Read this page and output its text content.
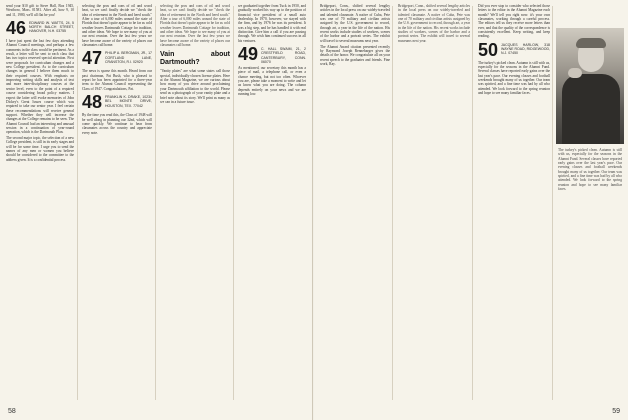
send your $10 gift to Steve Hall, Box 1945, Westboro, Mass. 01581. After all, how 9, 10 and 11, 1980, we'll all flat be you!

46 EDWARD W. WATTS, 24, 5 NORTH BALCH STREET, HANOVER, N.H. 03755

I have just spent the last few days attending Alumni Council meetings, and perhaps a few comments in the class would be pertinent. As a result, a letter will be sent to each class that has two topics reserved special attention. First were proposals for curriculum changes and a new College president. As to the curriculum changes in general I believe them much to their required courses. With emphasis on improving writing skills and analysis of text and more inter-disciplinary courses at the senior level, even to the point of a required course considering broad policy matters. I expect the latter will evoke memories of John Dickey's Great Issues course which was required to take our senior year. I feel certain these recommendations will receive general support. Whether they will increase the changes at the College remains to be seen. The Alumni Council had an interesting and unusual session in a continuation of year-round operation, which is the Dartmouth Plan.

The second major topic, the selection of a new College president, is still in its early stages and will be for some time. I urge you to send the names of any men or women you believe should be considered to the committee to the address given. It is a confidential process.

selecting the pros and cons of oil and wood heat, so we can't finally decide we "check the idea of retirement in the North and heed south." After a tour of 6,000 miles around the state of Florida that doesn't quite appear to be far as cold weather leaves Dartmouth Cottage for tradition, and other ideas. We hope to see many of you at our next reunion. Over the last few years we have become aware of the variety of places our classmates call home.

47 PHILIP A. BERGMAN, JR., 17 CORTLAND LANE, CRANSTON, R.I. 02920

The news is sparse this month. Heard from our past chairman, Pat Bush, who is pleased to report he has been appointed for a three-year term to the Alumni Council representing the Class of 1947. Congratulations, Pat.

48 FRANKLIN K. DRAKE, 10234 BEL MONTE DRIVE, HOUSTON, TEX. 77042

By the time you read this, the Class of 1948 will be well along in planning our 32nd, which will come quickly. We continue to hear from classmates across the country and appreciate every note.

selecting the pros and cons of oil and wood heat, so we can't finally decide we "check the idea of retirement in the North and heed south." After a tour of 6,000 miles around the state of Florida that doesn't quite appear to be far as cold weather leaves Dartmouth Cottage for tradition, and other ideas. We hope to see many of you at our next reunion. Over the last few years we have become aware of the variety of places our classmates call home.

Vain about Dartmouth?

"Vanity plates" are what some states call those special, individually-chosen license plates. Here at the Alumni Magazine, we are curious about how many of you drive around proclaiming your Dartmouth affiliation to the world. Please send us a photograph of your vanity plate and a brief note about its story. We'll print as many as we can in a future issue.

we graduated together from Tuck in 1950, and gradually worked his way up to the position of financial vice president of a small auto dealership. In 1970, however, we stayed with the firm, and by 1976 he was its president. It was a big step, and he has handled it with real distinction. Give him a call if you are passing through. We wish him continued success in all his ventures.

49 C. HALL SWAIM, 21, 2 CRESTFIELD ROAD, CANTERBURY, CONN. 06070

As mentioned, our secretary this month has a piece of mail, a telephone call, or even a chance meeting, but not too often. Whoever you are, please take a moment to write and let us know what you are doing. The column depends entirely on your news and we are running low.

58

Bridgeport, Conn., shifted several lengthy articles in the local press on our widely-traveled and talented classmate. A native of Cuba, Pete was one of 70 military and civilian artists assigned by the U.S. government to record, through art, a year in the life of the nation. His recent works include studies of workers, scenes of the harbor and a portrait series. The exhibit will travel to several museums next year.

The Alumni Award citation presented recently by Raymond Joseph Rennebarger gives the details of the honor. We congratulate all on your recent speech to the graduates and friends. Fine work, Ray.

Bridgeport, Conn., shifted several lengthy articles in the local press on our widely-traveled and talented classmate. A native of Cuba, Pete was one of 70 military and civilian artists assigned by the U.S. government to record, through art, a year in the life of the nation. His recent works include studies of workers, scenes of the harbor and a portrait series. The exhibit will travel to several museums next year.

Did you ever stop to consider who selected those letters to the editor in the Alumni Magazine each month? We'll tell you right now: it's your own classmates, working through a careful process. The editors tell us they receive more letters than ever, and that the quality of the correspondence is consistently excellent. Keep writing, and keep reading.

50 JACQUES HARLOW, 318 WAYNE ROAD, RIDGEWOOD, N.J. 07450

The turkey's picked clean. Autumn is still with us, especially for the seasons in the Alumni Fund. Several classes have reported early gains over the last year's pace. Our evening classes and football weekends brought many of us together. Our team was spirited, and a fine time was had by all who attended. We look forward to the spring reunion and hope to see many familiar faces.

The turkey's picked clean. Autumn is still with us, especially for the seasons in the Alumni Fund. Several classes have reported early gains over the last year's pace. Our evening classes and football weekends brought many of us together. Our team was spirited, and a fine time was had by all who attended. We look forward to the spring reunion and hope to see many familiar faces.

59
